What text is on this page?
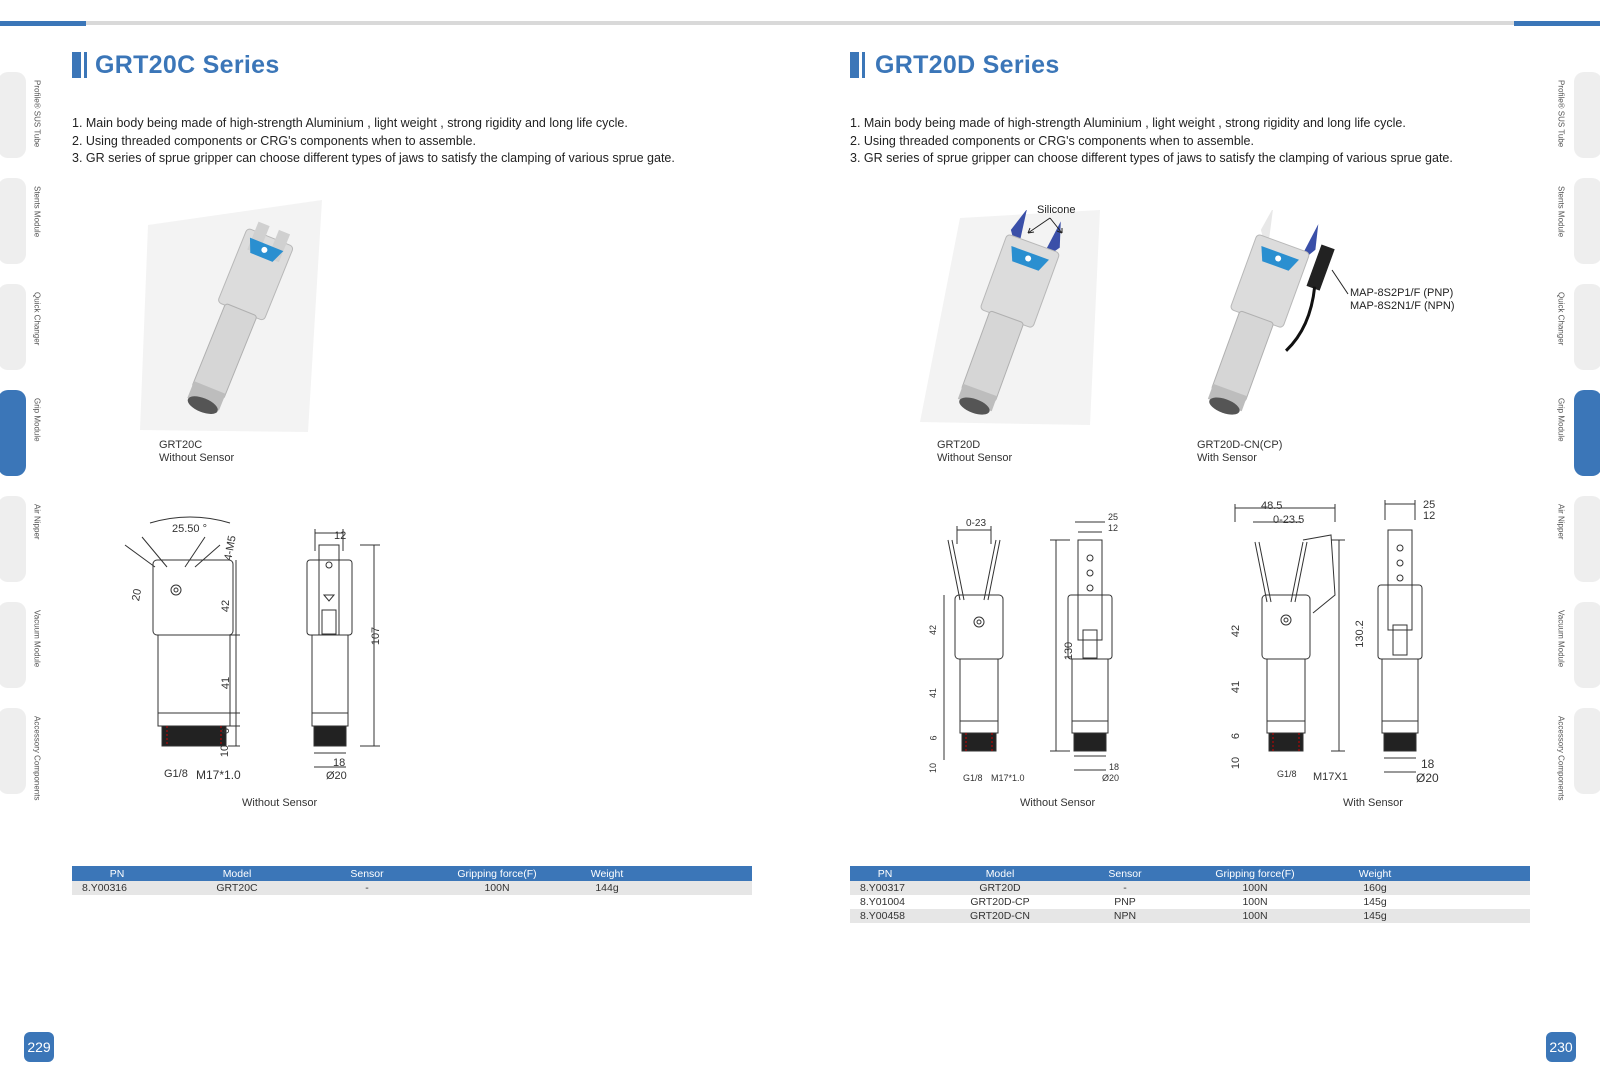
Profile® SUS Tube
Stents Module
Quick Changer
Grip Module
Air Nipper
Vacuum Module
Accessory Components
Profile® SUS Tube
Stents Module
Quick Changer
Grip Module
Air Nipper
Vacuum Module
Accessory Components
GRT20C Series
1. Main body being made of high-strength Aluminium , light weight , strong rigidity and long life cycle.
2. Using threaded components or CRG's components when to assemble.
3. GR series of sprue gripper can choose different types of jaws to satisfy the clamping of various sprue gate.
GRT20C
Without Sensor
25.50 °
4-M5
20
42
41
6
10
G1/8 M17*1.0
12
107
18
Ø20
Without Sensor
PN	Model	Sensor	Gripping force(F)	Weight	
8.Y00316	GRT20C	-	100N	144g	
229
GRT20D Series
1. Main body being made of high-strength Aluminium , light weight , strong rigidity and long life cycle.
2. Using threaded components or CRG's components when to assemble.
3. GR series of sprue gripper can choose different types of jaws to satisfy the clamping of various sprue gate.
Silicone
MAP-8S2P1/F (PNP)
MAP-8S2N1/F (NPN)
GRT20D
Without Sensor
GRT20D-CN(CP)
With Sensor
0-23
42
41
6
10
G1/8 M17*1.0
25
12
130
18
Ø20
Without Sensor
48.5
0-23.5
42
41
6
10
G1/8 M17X1
130.2
25
12
18
Ø20
With Sensor
PN	Model	Sensor	Gripping force(F)	Weight	
8.Y00317	GRT20D	-	100N	160g	
8.Y01004	GRT20D-CP	PNP	100N	145g	
8.Y00458	GRT20D-CN	NPN	100N	145g	
230
